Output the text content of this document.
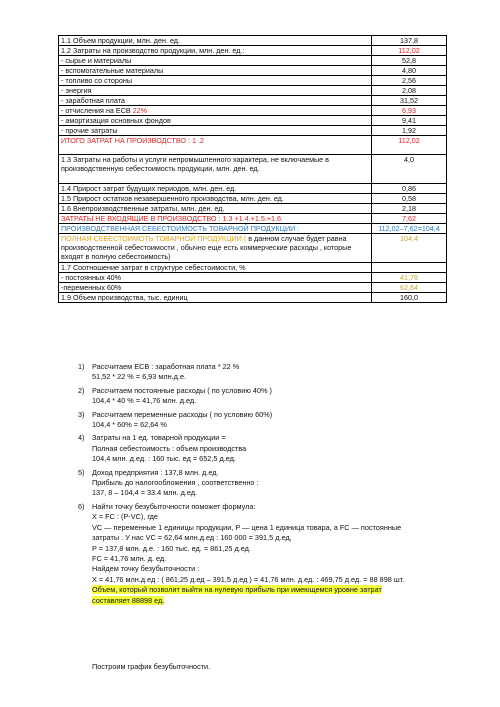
1.1 Объем продукции, млн. ден. ед.	137,8
1.2 Затраты на производство продукции, млн. ден. ед.:	112,02
- сырье и материалы	52,8
- вспомогательные материалы	4,80
- топливо со стороны	2,56
- энергия	2,08
- заработная плата	31,52
- отчисления на ЕСВ 22%	6,93
- амортизация основных фондов	9,41
- прочие затраты	1,92
ИТОГО ЗАТРАТ НА ПРОИЗВОДСТВО : 1 .2	112,02
1.3 Затраты на работы и услуги непромышленного характера, не включаемые в производственную себестоимость продукции, млн. ден. ед.	4,0
1.4 Прирост затрат будущих периодов, млн. ден. ед.	0,86
1.5 Прирост остатков незавершенного производства, млн. ден. ед.	0,58
1.6 Внепроизводственные затраты, млн. ден. ед.	2,18
ЗАТРАТЫ НЕ ВХОДЯЩИЕ В ПРОИЗВОДСТВО : 1.3 +1.4.+1.5.+1.6.	7,62
ПРОИЗВОДСТВЕННАЯ СЕБЕСТОИМОСТЬ ТОВАРНОЙ ПРОДУКЦИИ :	112,02–7,62=104,4
ПОЛНАЯ СЕБЕСТОИМОТЬ ТОВАРНОЙ ПРОДУКЦИИ ( в данном случае будет равна производственной себестоимости , обычно еще есть коммерческие расходы , которые входят в полную себестоимость)	104,4
1.7 Соотношение затрат в структуре себестоимости, %	
- постоянных 40%	41,76
-переменных 60%	62,64
1.9 Объем производства, тыс. единиц	160,0
1) Рассчитаем ЕСВ : заработная плата * 22 %
51,52 * 22 % = 6,93 млн.д.е.
2) Рассчитаем постоянные расходы ( по условию 40% )
104,4 * 40 % = 41,76 млн. д.ед.
3) Рассчитаем переменные расходы ( по условию 60%)
104,4 * 60% = 62,64 %
4) Затраты на 1 ед. товарной продукции =
Полная себестоимость : объем производства
104,4 млн. д.ед. : 160 тыс. ед = 652,5 д.ед.
5) Доход предприятия : 137,8 млн. д.ед.
Прибыль до налогообложения , соответственно :
137, 8 – 104,4 = 33.4 млн. д.ед.
6) Найти точку безубыточности поможет формула:
X = FC : (P-VC), где
VC — переменные 1 единицы продукции, P — цена 1 единица товара, а FC — постоянные
затраты . У нас VC = 62,64 млн.д.ед : 160 000 = 391,5 д.ед,
P = 137,8 млн. д.е. : 160 тыс. ед. = 861,25 д.ед.
FC = 41,76 млн. д. ед.
Найдем точку безубыточности :
X = 41,76 млн.д.ед : ( 861,25 д.ед – 391,5 д.ед ) = 41,76 млн. д.ед. : 469,75 д.ед. = 88 898 шт.
Объем, который позволит выйти на нулевую прибыль при имеющемся уровне затрат
составляет 88898 ед.
Построим график безубыточности.
